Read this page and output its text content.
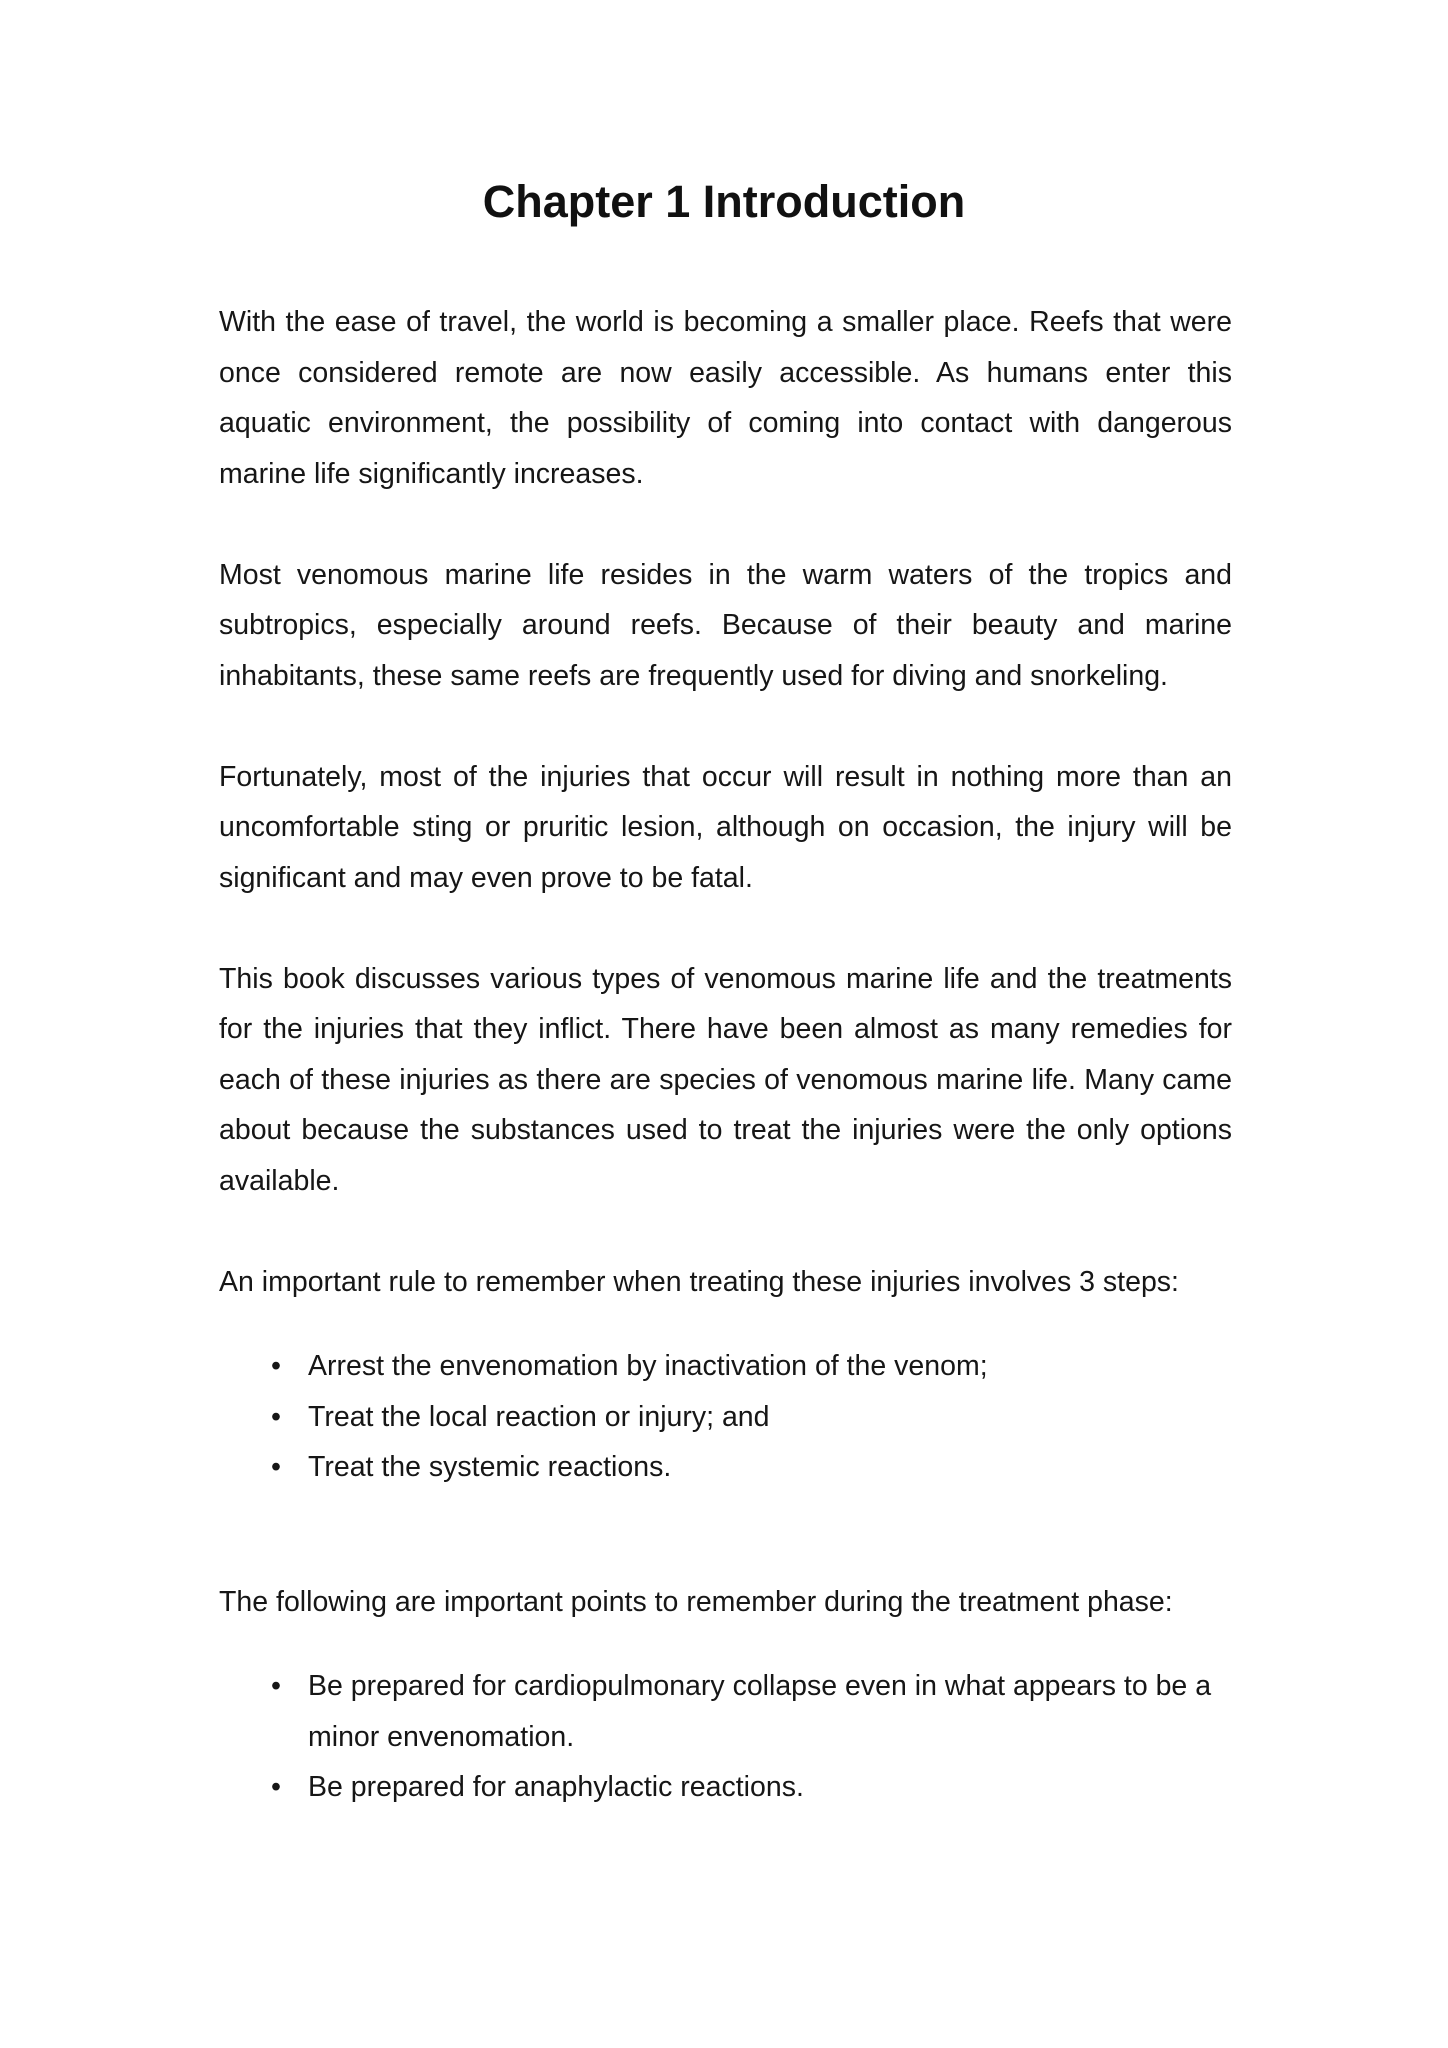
Chapter 1 Introduction

With the ease of travel, the world is becoming a smaller place. Reefs that were once considered remote are now easily accessible. As humans enter this aquatic environment, the possibility of coming into contact with dangerous marine life significantly increases.

Most venomous marine life resides in the warm waters of the tropics and subtropics, especially around reefs. Because of their beauty and marine inhabitants, these same reefs are frequently used for diving and snorkeling.

Fortunately, most of the injuries that occur will result in nothing more than an uncomfortable sting or pruritic lesion, although on occasion, the injury will be significant and may even prove to be fatal.

This book discusses various types of venomous marine life and the treatments for the injuries that they inflict. There have been almost as many remedies for each of these injuries as there are species of venomous marine life. Many came about because the substances used to treat the injuries were the only options available.

An important rule to remember when treating these injuries involves 3 steps:

• Arrest the envenomation by inactivation of the venom;
• Treat the local reaction or injury; and
• Treat the systemic reactions.

The following are important points to remember during the treatment phase:

• Be prepared for cardiopulmonary collapse even in what appears to be a minor envenomation.
• Be prepared for anaphylactic reactions.
